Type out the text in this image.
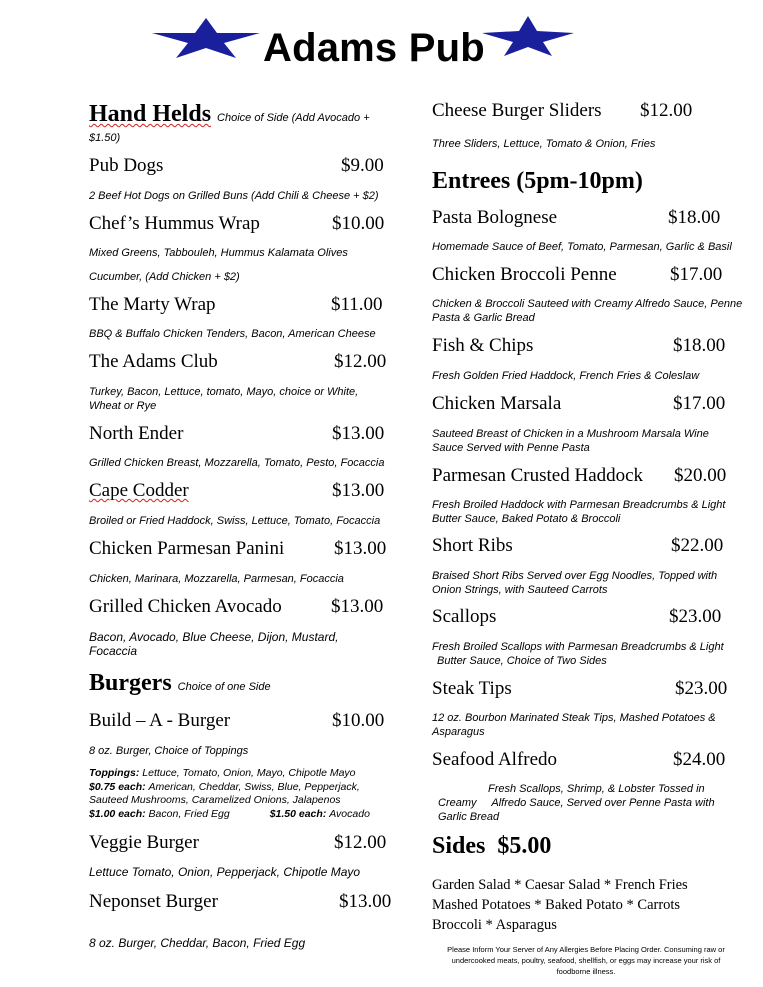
Adams Pub
Hand Helds Choice of Side (Add Avocado +
$1.50)
Pub Dogs	$9.00
2 Beef Hot Dogs on Grilled Buns (Add Chili & Cheese + $2)
Chef’s Hummus Wrap	$10.00
Mixed Greens, Tabbouleh, Hummus Kalamata Olives
Cucumber, (Add Chicken + $2)
The Marty Wrap	$11.00
BBQ & Buffalo Chicken Tenders, Bacon, American Cheese
The Adams Club	$12.00
Turkey, Bacon, Lettuce, tomato, Mayo, choice or White, Wheat or Rye
North Ender	$13.00
Grilled Chicken Breast, Mozzarella, Tomato, Pesto, Focaccia
Cape Codder	$13.00
Broiled or Fried Haddock, Swiss, Lettuce, Tomato, Focaccia
Chicken Parmesan Panini	$13.00
Chicken, Marinara, Mozzarella, Parmesan, Focaccia
Grilled Chicken Avocado	$13.00
Bacon, Avocado, Blue Cheese, Dijon, Mustard, Focaccia
Burgers Choice of one Side
Build – A - Burger	$10.00
8 oz. Burger, Choice of Toppings
Toppings: Lettuce, Tomato, Onion, Mayo, Chipotle Mayo
$0.75 each: American, Cheddar, Swiss, Blue, Pepperjack,
Sauteed Mushrooms, Caramelized Onions, Jalapenos
$1.00 each: Bacon, Fried Egg	$1.50 each: Avocado
Veggie Burger	$12.00
Lettuce Tomato, Onion, Pepperjack, Chipotle Mayo
Neponset Burger	$13.00
8 oz. Burger, Cheddar, Bacon, Fried Egg
Cheese Burger Sliders $12.00
Three Sliders, Lettuce, Tomato & Onion, Fries
Entrees (5pm-10pm)
Pasta Bolognese	$18.00
Homemade Sauce of Beef, Tomato, Parmesan, Garlic & Basil
Chicken Broccoli Penne	$17.00
Chicken & Broccoli Sauteed with Creamy Alfredo Sauce, Penne Pasta & Garlic Bread
Fish & Chips	$18.00
Fresh Golden Fried Haddock, French Fries & Coleslaw
Chicken Marsala	$17.00
Sauteed Breast of Chicken in a Mushroom Marsala Wine Sauce Served with Penne Pasta
Parmesan Crusted Haddock $20.00
Fresh Broiled Haddock with Parmesan Breadcrumbs & Light Butter Sauce, Baked Potato & Broccoli
Short Ribs	$22.00
Braised Short Ribs Served over Egg Noodles, Topped with Onion Strings, with Sauteed Carrots
Scallops	$23.00
Fresh Broiled Scallops with Parmesan Breadcrumbs & Light
Butter Sauce, Choice of Two Sides
Steak Tips	$23.00
12 oz. Bourbon Marinated Steak Tips, Mashed Potatoes & Asparagus
Seafood Alfredo	$24.00
Fresh Scallops, Shrimp, & Lobster Tossed in
Creamy     Alfredo Sauce, Served over Penne Pasta with
Garlic Bread
Sides  $5.00
Garden Salad * Caesar Salad * French Fries
Mashed Potatoes * Baked Potato * Carrots
Broccoli * Asparagus
Please Inform Your Server of Any Allergies Before Placing Order. Consuming raw or
undercooked meats, poultry, seafood, shellfish, or eggs may increase your risk of
foodborne illness.
